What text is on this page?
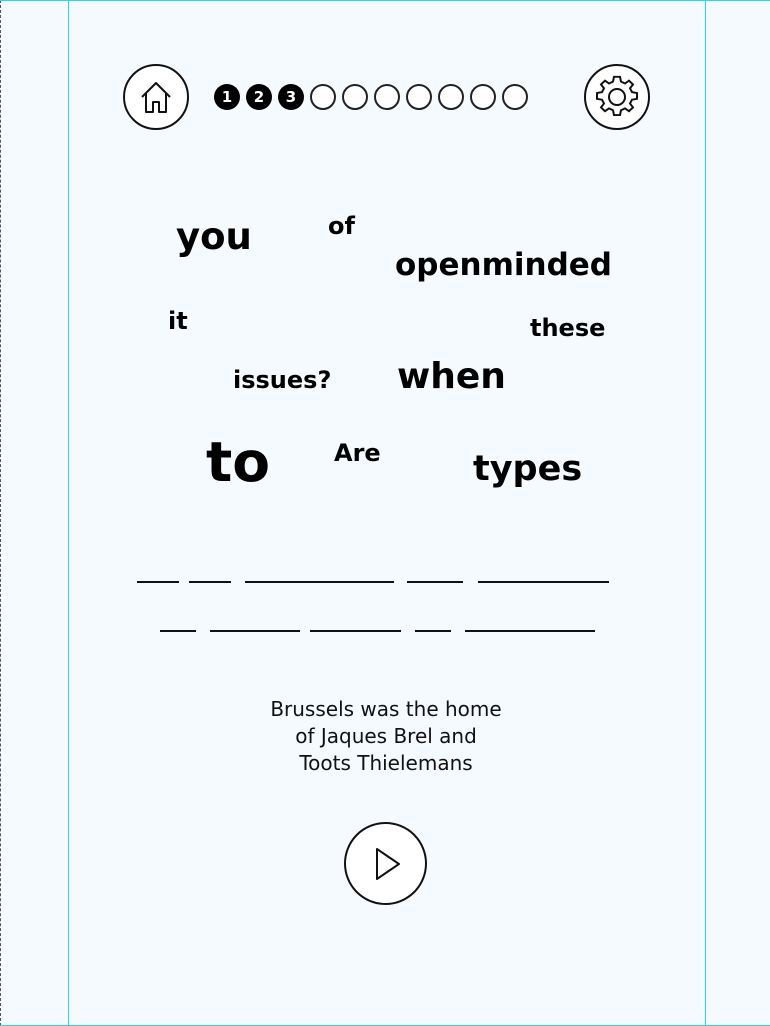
1	2	3
you	of
openminded
it	these
issues? when
to	Are	types
Brussels was the home
of Jaques Brel and
Toots Thielemans
